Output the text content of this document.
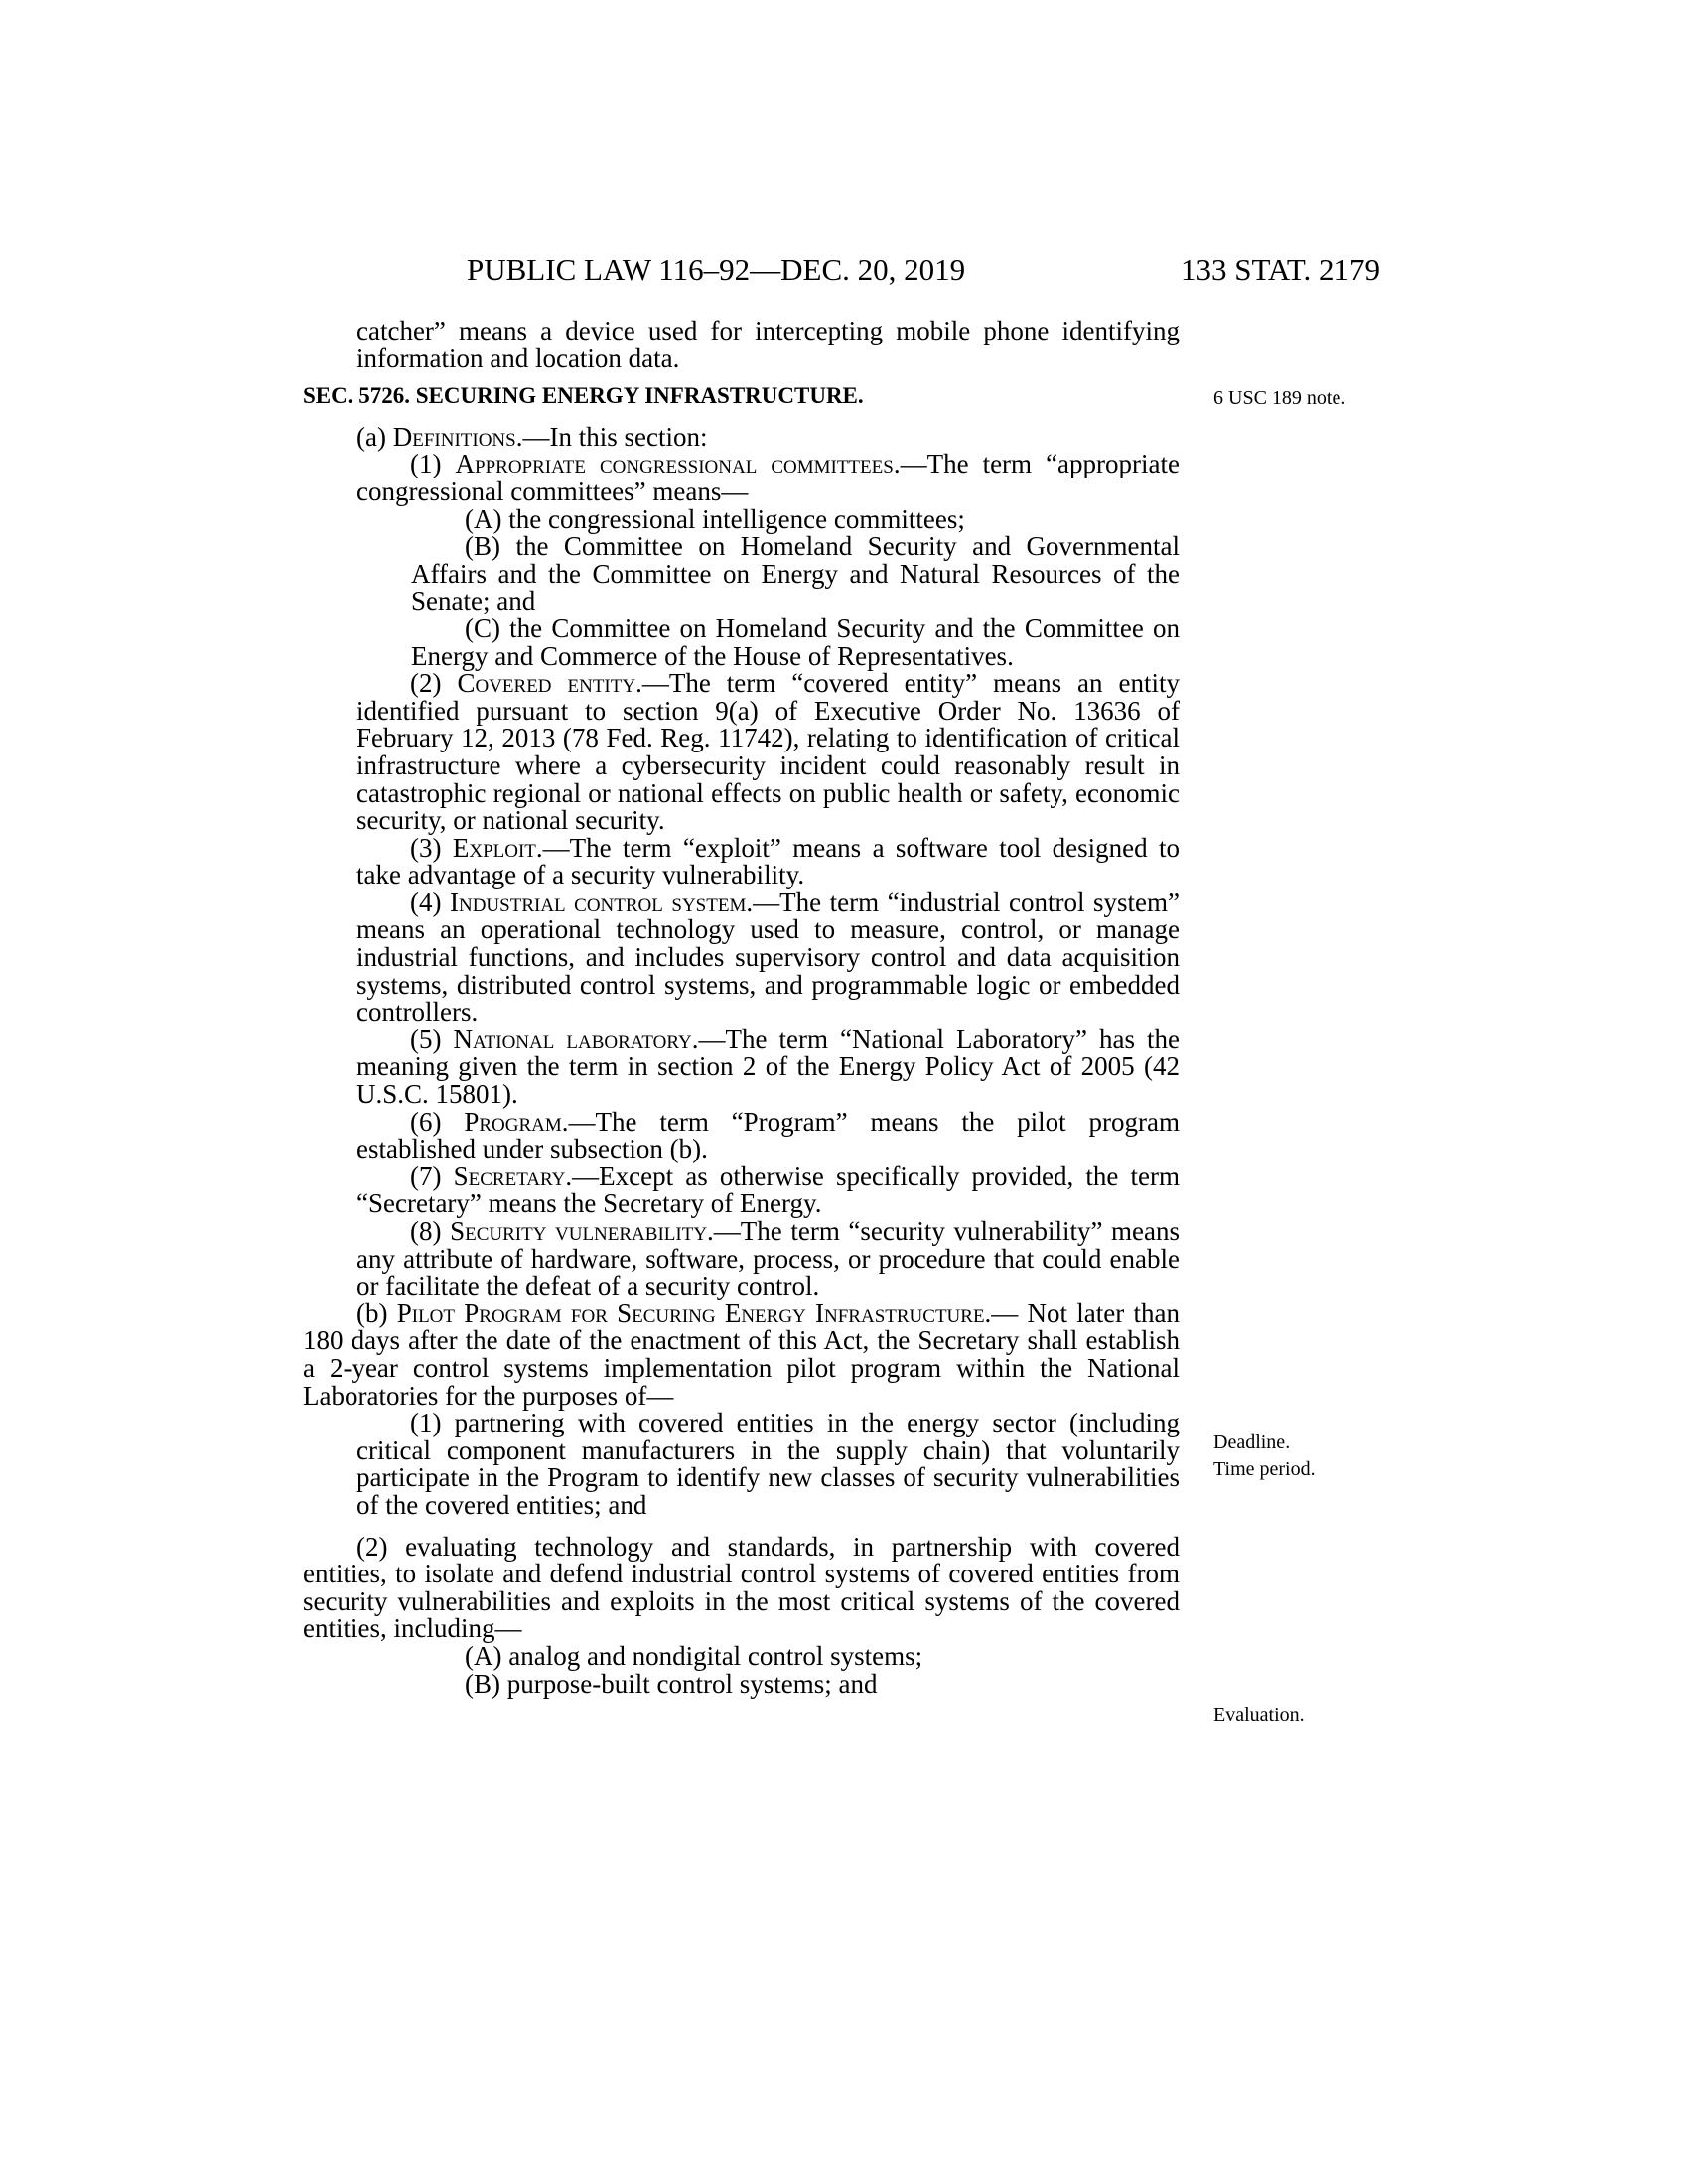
PUBLIC LAW 116–92—DEC. 20, 2019	133 STAT. 2179
6 USC 189 note.
Deadline.
Time period.
Evaluation.

catcher” means a device used for intercepting mobile phone identifying information and location data.

SEC. 5726. SECURING ENERGY INFRASTRUCTURE.

(a) Definitions.—In this section:

(1) Appropriate congressional committees.—The term “appropriate congressional committees” means—

(A) the congressional intelligence committees;

(B) the Committee on Homeland Security and Governmental Affairs and the Committee on Energy and Natural Resources of the Senate; and

(C) the Committee on Homeland Security and the Committee on Energy and Commerce of the House of Representatives.

(2) Covered entity.—The term “covered entity” means an entity identified pursuant to section 9(a) of Executive Order No. 13636 of February 12, 2013 (78 Fed. Reg. 11742), relating to identification of critical infrastructure where a cybersecurity incident could reasonably result in catastrophic regional or national effects on public health or safety, economic security, or national security.

(3) Exploit.—The term “exploit” means a software tool designed to take advantage of a security vulnerability.

(4) Industrial control system.—The term “industrial control system” means an operational technology used to measure, control, or manage industrial functions, and includes supervisory control and data acquisition systems, distributed control systems, and programmable logic or embedded controllers.

(5) National laboratory.—The term “National Laboratory” has the meaning given the term in section 2 of the Energy Policy Act of 2005 (42 U.S.C. 15801).

(6) Program.—The term “Program” means the pilot program established under subsection (b).

(7) Secretary.—Except as otherwise specifically provided, the term “Secretary” means the Secretary of Energy.

(8) Security vulnerability.—The term “security vulnerability” means any attribute of hardware, software, process, or procedure that could enable or facilitate the defeat of a security control.

(b) Pilot Program for Securing Energy Infrastructure.— Not later than 180 days after the date of the enactment of this Act, the Secretary shall establish a 2-year control systems implementation pilot program within the National Laboratories for the purposes of—

(1) partnering with covered entities in the energy sector (including critical component manufacturers in the supply chain) that voluntarily participate in the Program to identify new classes of security vulnerabilities of the covered entities; and

(2) evaluating technology and standards, in partnership with covered entities, to isolate and defend industrial control systems of covered entities from security vulnerabilities and exploits in the most critical systems of the covered entities, including—

(A) analog and nondigital control systems;

(B) purpose-built control systems; and
